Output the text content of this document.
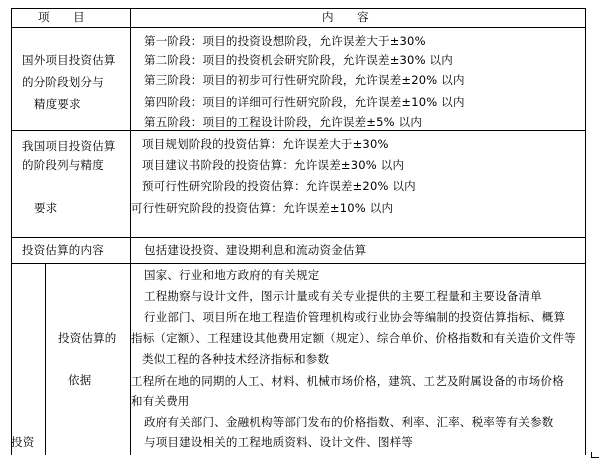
项　　目	内　　容
国外项目投资估算
的分阶段划分与
精度要求
第一阶段：项目的投资设想阶段，允许误差大于±30%
第二阶段：项目的投资机会研究阶段，允许误差±30% 以内
第三阶段：项目的初步可行性研究阶段，允许误差±20% 以内
第四阶段：项目的详细可行性研究阶段，允许误差±10% 以内
第五阶段：项目的工程设计阶段，允许误差±5% 以内
我国项目投资估算
的阶段列与精度
要求
项目规划阶段的投资估算：允许误差大于±30%
项目建议书阶段的投资估算：允许误差±30% 以内
预可行性研究阶段的投资估算：允许误差±20% 以内
可行性研究阶段的投资估算：允许误差±10% 以内
投资估算的内容	包括建设投资、建设期利息和流动资金估算
投资
投资估算的
依据
国家、行业和地方政府的有关规定
工程勘察与设计文件，图示计量或有关专业提供的主要工程量和主要设备清单
行业部门、项目所在地工程造价管理机构或行业协会等编制的投资估算指标、概算
指标（定额）、工程建设其他费用定额（规定）、综合单价、价格指数和有关造价文件等
类似工程的各种技术经济指标和参数
工程所在地的同期的人工、材料、机械市场价格，建筑、工艺及附属设备的市场价格
和有关费用
政府有关部门、金融机构等部门发布的价格指数、利率、汇率、税率等有关参数
与项目建设相关的工程地质资料、设计文件、图样等
